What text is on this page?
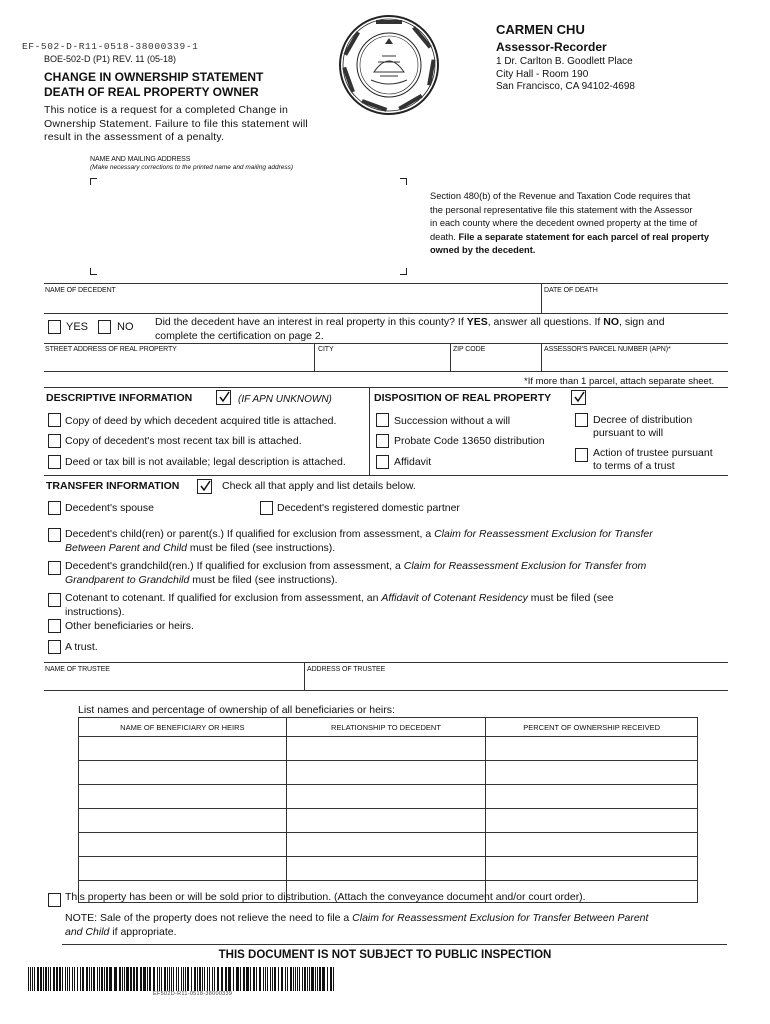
EF-502-D-R11-0518-38000339-1
BOE-502-D (P1) REV. 11 (05-18)
CHANGE IN OWNERSHIP STATEMENT
DEATH OF REAL PROPERTY OWNER
This notice is a request for a completed Change in
Ownership Statement. Failure to file this statement will
result in the assessment of a penalty.
CARMEN CHU
Assessor-Recorder
1 Dr. Carlton B. Goodlett Place
City Hall - Room 190
San Francisco, CA 94102-4698
NAME AND MAILING ADDRESS
(Make necessary corrections to the printed name and mailing address)
Section 480(b) of the Revenue and Taxation Code requires that
the personal representative file this statement with the Assessor
in each county where the decedent owned property at the time of
death. File a separate statement for each parcel of real property
owned by the decedent.
NAME OF DECEDENT	DATE OF DEATH
YES	NO Did the decedent have an interest in real property in this county? If YES, answer all questions. If NO, sign and
complete the certification on page 2.
STREET ADDRESS OF REAL PROPERTY	CITY	ZIP CODE	ASSESSOR'S PARCEL NUMBER (APN)*
*If more than 1 parcel, attach separate sheet.
DESCRIPTIVE INFORMATION	(IF APN UNKNOWN)
Copy of deed by which decedent acquired title is attached.
Copy of decedent's most recent tax bill is attached.
Deed or tax bill is not available; legal description is attached.
DISPOSITION OF REAL PROPERTY
Succession without a will
Probate Code 13650 distribution
Affidavit
Decree of distribution
pursuant to will
Action of trustee pursuant
to terms of a trust
TRANSFER INFORMATION	Check all that apply and list details below.
Decedent's spouse	Decedent's registered domestic partner
Decedent's child(ren) or parent(s.) If qualified for exclusion from assessment, a Claim for Reassessment Exclusion for Transfer
Between Parent and Child must be filed (see instructions).
Decedent's grandchild(ren.) If qualified for exclusion from assessment, a Claim for Reassessment Exclusion for Transfer from
Grandparent to Grandchild must be filed (see instructions).
Cotenant to cotenant. If qualified for exclusion from assessment, an Affidavit of Cotenant Residency must be filed (see
instructions).
Other beneficiaries or heirs.
A trust.
NAME OF TRUSTEE	ADDRESS OF TRUSTEE
List names and percentage of ownership of all beneficiaries or heirs:
NAME OF BENEFICIARY OR HEIRS	RELATIONSHIP TO DECEDENT	PERCENT OF OWNERSHIP RECEIVED

This property has been or will be sold prior to distribution. (Attach the conveyance document and/or court order).
NOTE: Sale of the property does not relieve the need to file a Claim for Reassessment Exclusion for Transfer Between Parent
and Child if appropriate.
THIS DOCUMENT IS NOT SUBJECT TO PUBLIC INSPECTION
EF502D-R11-0518-38000339
